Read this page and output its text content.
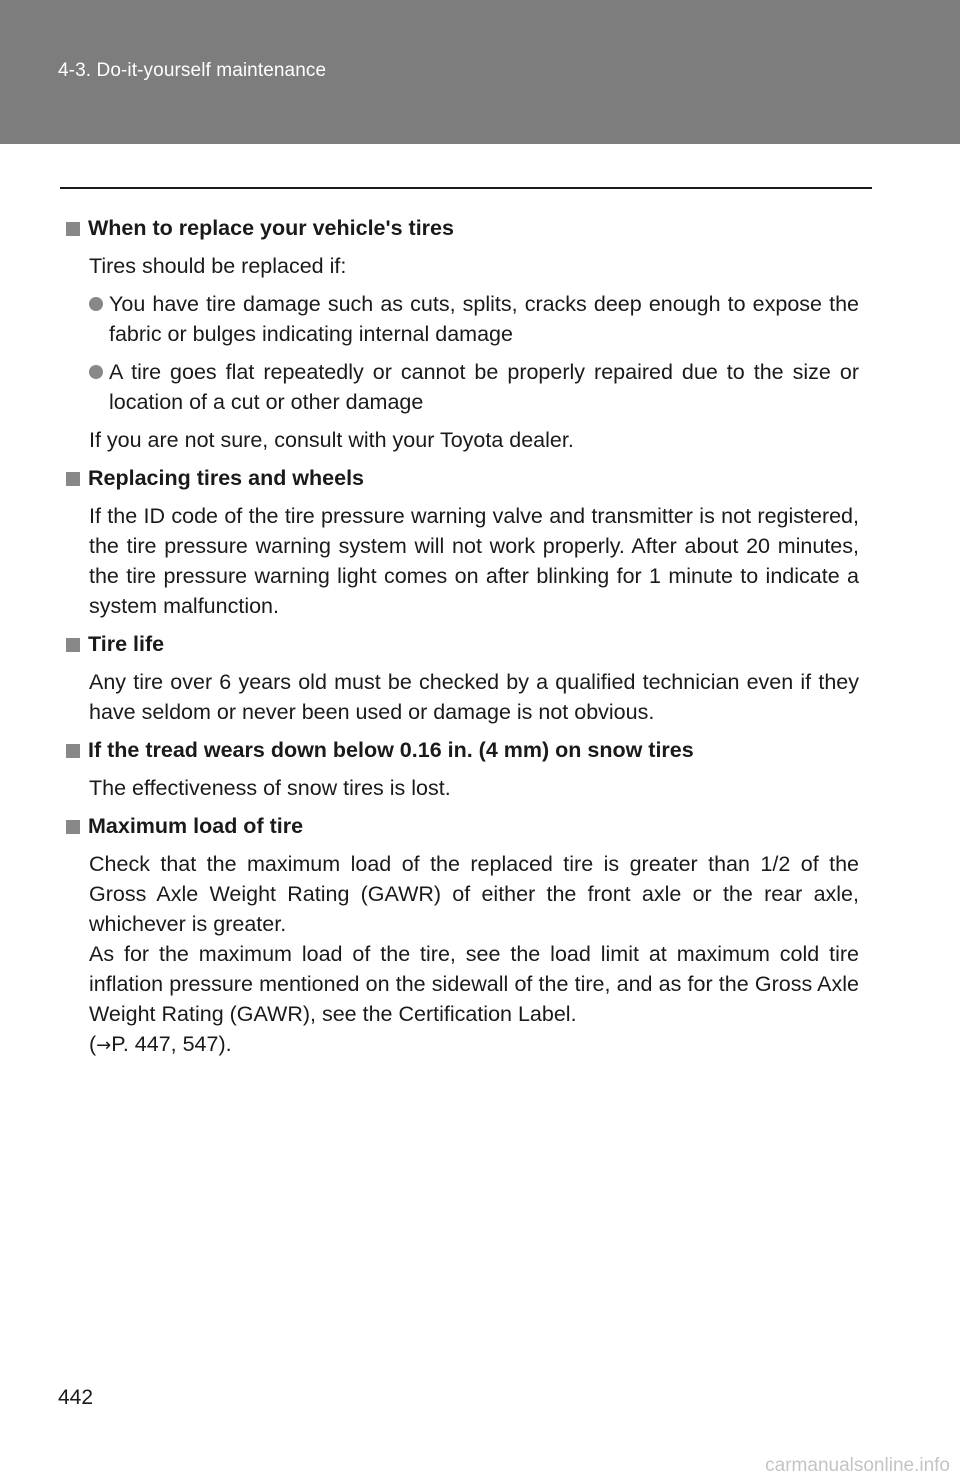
4-3. Do-it-yourself maintenance
When to replace your vehicle's tires

Tires should be replaced if:

You have tire damage such as cuts, splits, cracks deep enough to expose the fabric or bulges indicating internal damage
A tire goes flat repeatedly or cannot be properly repaired due to the size or location of a cut or other damage

If you are not sure, consult with your Toyota dealer.

Replacing tires and wheels

If the ID code of the tire pressure warning valve and transmitter is not registered, the tire pressure warning system will not work properly. After about 20 minutes, the tire pressure warning light comes on after blinking for 1 minute to indicate a system malfunction.

Tire life

Any tire over 6 years old must be checked by a qualified technician even if they have seldom or never been used or damage is not obvious.

If the tread wears down below 0.16 in. (4 mm) on snow tires

The effectiveness of snow tires is lost.

Maximum load of tire

Check that the maximum load of the replaced tire is greater than 1/2 of the Gross Axle Weight Rating (GAWR) of either the front axle or the rear axle, whichever is greater.

As for the maximum load of the tire, see the load limit at maximum cold tire inflation pressure mentioned on the sidewall of the tire, and as for the Gross Axle Weight Rating (GAWR), see the Certification Label.

(→P. 447, 547).

442
carmanualsonline.info
